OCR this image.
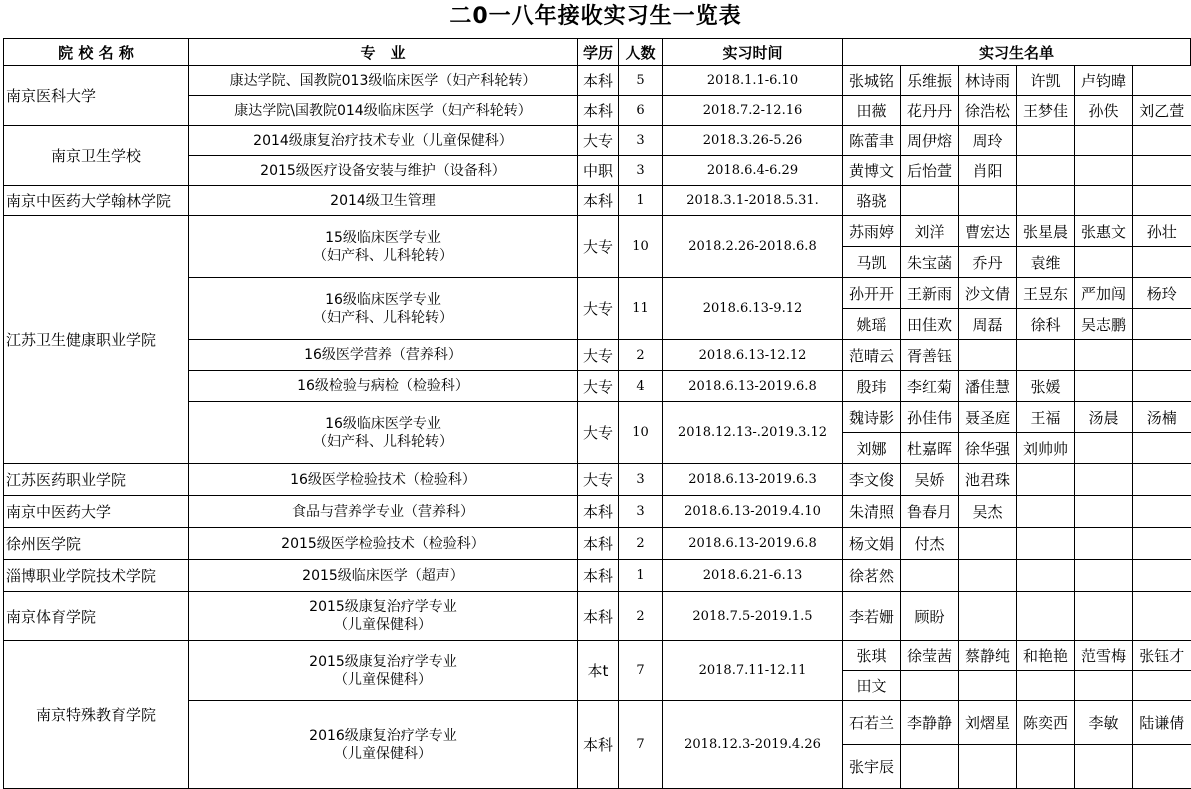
二0一八年接收实习生一览表
院 校 名 称	专　业	学历	人数	实习时间	实习生名单					
南京医科大学	康达学院、国教院013级临床医学（妇产科轮转）	本科	5	2018.1.1-6.10	张城铭	乐维振	林诗雨	许凯	卢钧暐	
	康达学院\国教院014级临床医学（妇产科轮转）	本科	6	2018.7.2-12.16	田薇	花丹丹	徐浩松	王梦佳	孙佚	刘乙萱
南京卫生学校	2014级康复治疗技术专业（儿童保健科）	大专	3	2018.3.26-5.26	陈蕾聿	周伊熔	周玲			
	2015级医疗设备安装与维护（设备科）	中职	3	2018.6.4-6.29	黄博文	后怡萱	肖阳			
南京中医药大学翰林学院	2014级卫生管理	本科	1	2018.3.1-2018.5.31.	骆骁					
江苏卫生健康职业学院	15级临床医学专业
（妇产科、儿科轮转）	大专	10	2018.2.26-2018.6.8	苏雨婷	刘洋	曹宏达	张星晨	张惠文	孙壮
					马凯	朱宝菡	乔丹	袁维		

	16级临床医学专业
（妇产科、儿科轮转）	大专	11	2018.6.13-9.12	孙开开	王新雨	沙文倩	王昱东	严加闯	杨玲
					姚瑶	田佳欢	周磊	徐科	吴志鹏	
	16级医学营养（营养科）	大专	2	2018.6.13-12.12	范晴云	胥善钰				
	16级检验与病检（检验科）	大专	4	2018.6.13-2019.6.8	殷玮	李红菊	潘佳慧	张媛		

	16级临床医学专业
（妇产科、儿科轮转）	大专	10	2018.12.13-.2019.3.12	魏诗影	孙佳伟	聂圣庭	王福	汤晨	汤楠
					刘娜	杜嘉晖	徐华强	刘帅帅		
江苏医药职业学院	16级医学检验技术（检验科）	大专	3	2018.6.13-2019.6.3	李文俊	吴娇	池君珠			
南京中医药大学	食品与营养学专业（营养科）	本科	3	2018.6.13-2019.4.10	朱清照	鲁春月	吴杰			
徐州医学院	2015级医学检验技术（检验科）	本科	2	2018.6.13-2019.6.8	杨文娟	付杰				
淄博职业学院技术学院	2015级临床医学（超声）	本科	1	2018.6.21-6.13	徐茗然					
南京体育学院	2015级康复治疗学专业
（儿童保健科）	本科	2	2018.7.5-2019.1.5	李若姗	顾盼				
南京特殊教育学院	2015级康复治疗学专业
（儿童保健科）	本t	7	2018.7.11-12.11	张琪	徐莹茜	蔡静纯	和艳艳	范雪梅	张钰才
					田文					

	2016级康复治疗学专业
（儿童保健科）	本科	7	2018.12.3-2019.4.26	石若兰	李静静	刘熠星	陈奕西	李敏	陆谦倩
					张宇辰					
